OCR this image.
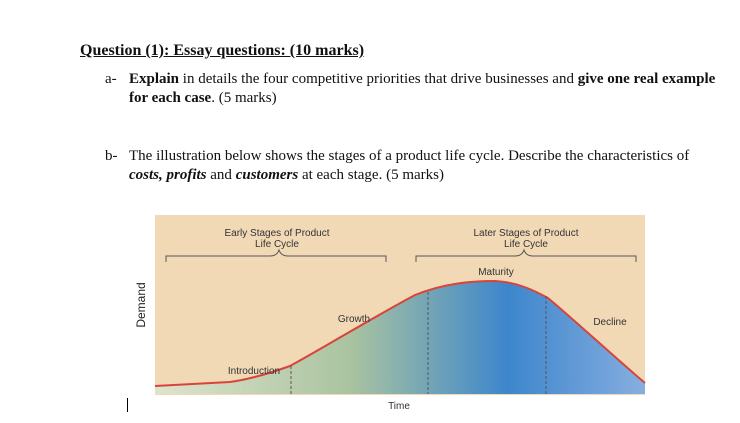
Question (1): Essay questions: (10 marks)
a- Explain in details the four competitive priorities that drive businesses and give one real example for each case. (5 marks)
b- The illustration below shows the stages of a product life cycle. Describe the characteristics of costs, profits and customers at each stage. (5 marks)
Early Stages of Product
Life Cycle
Later Stages of Product
Life Cycle
Introduction
Growth
Maturity
Decline
Demand
Time
